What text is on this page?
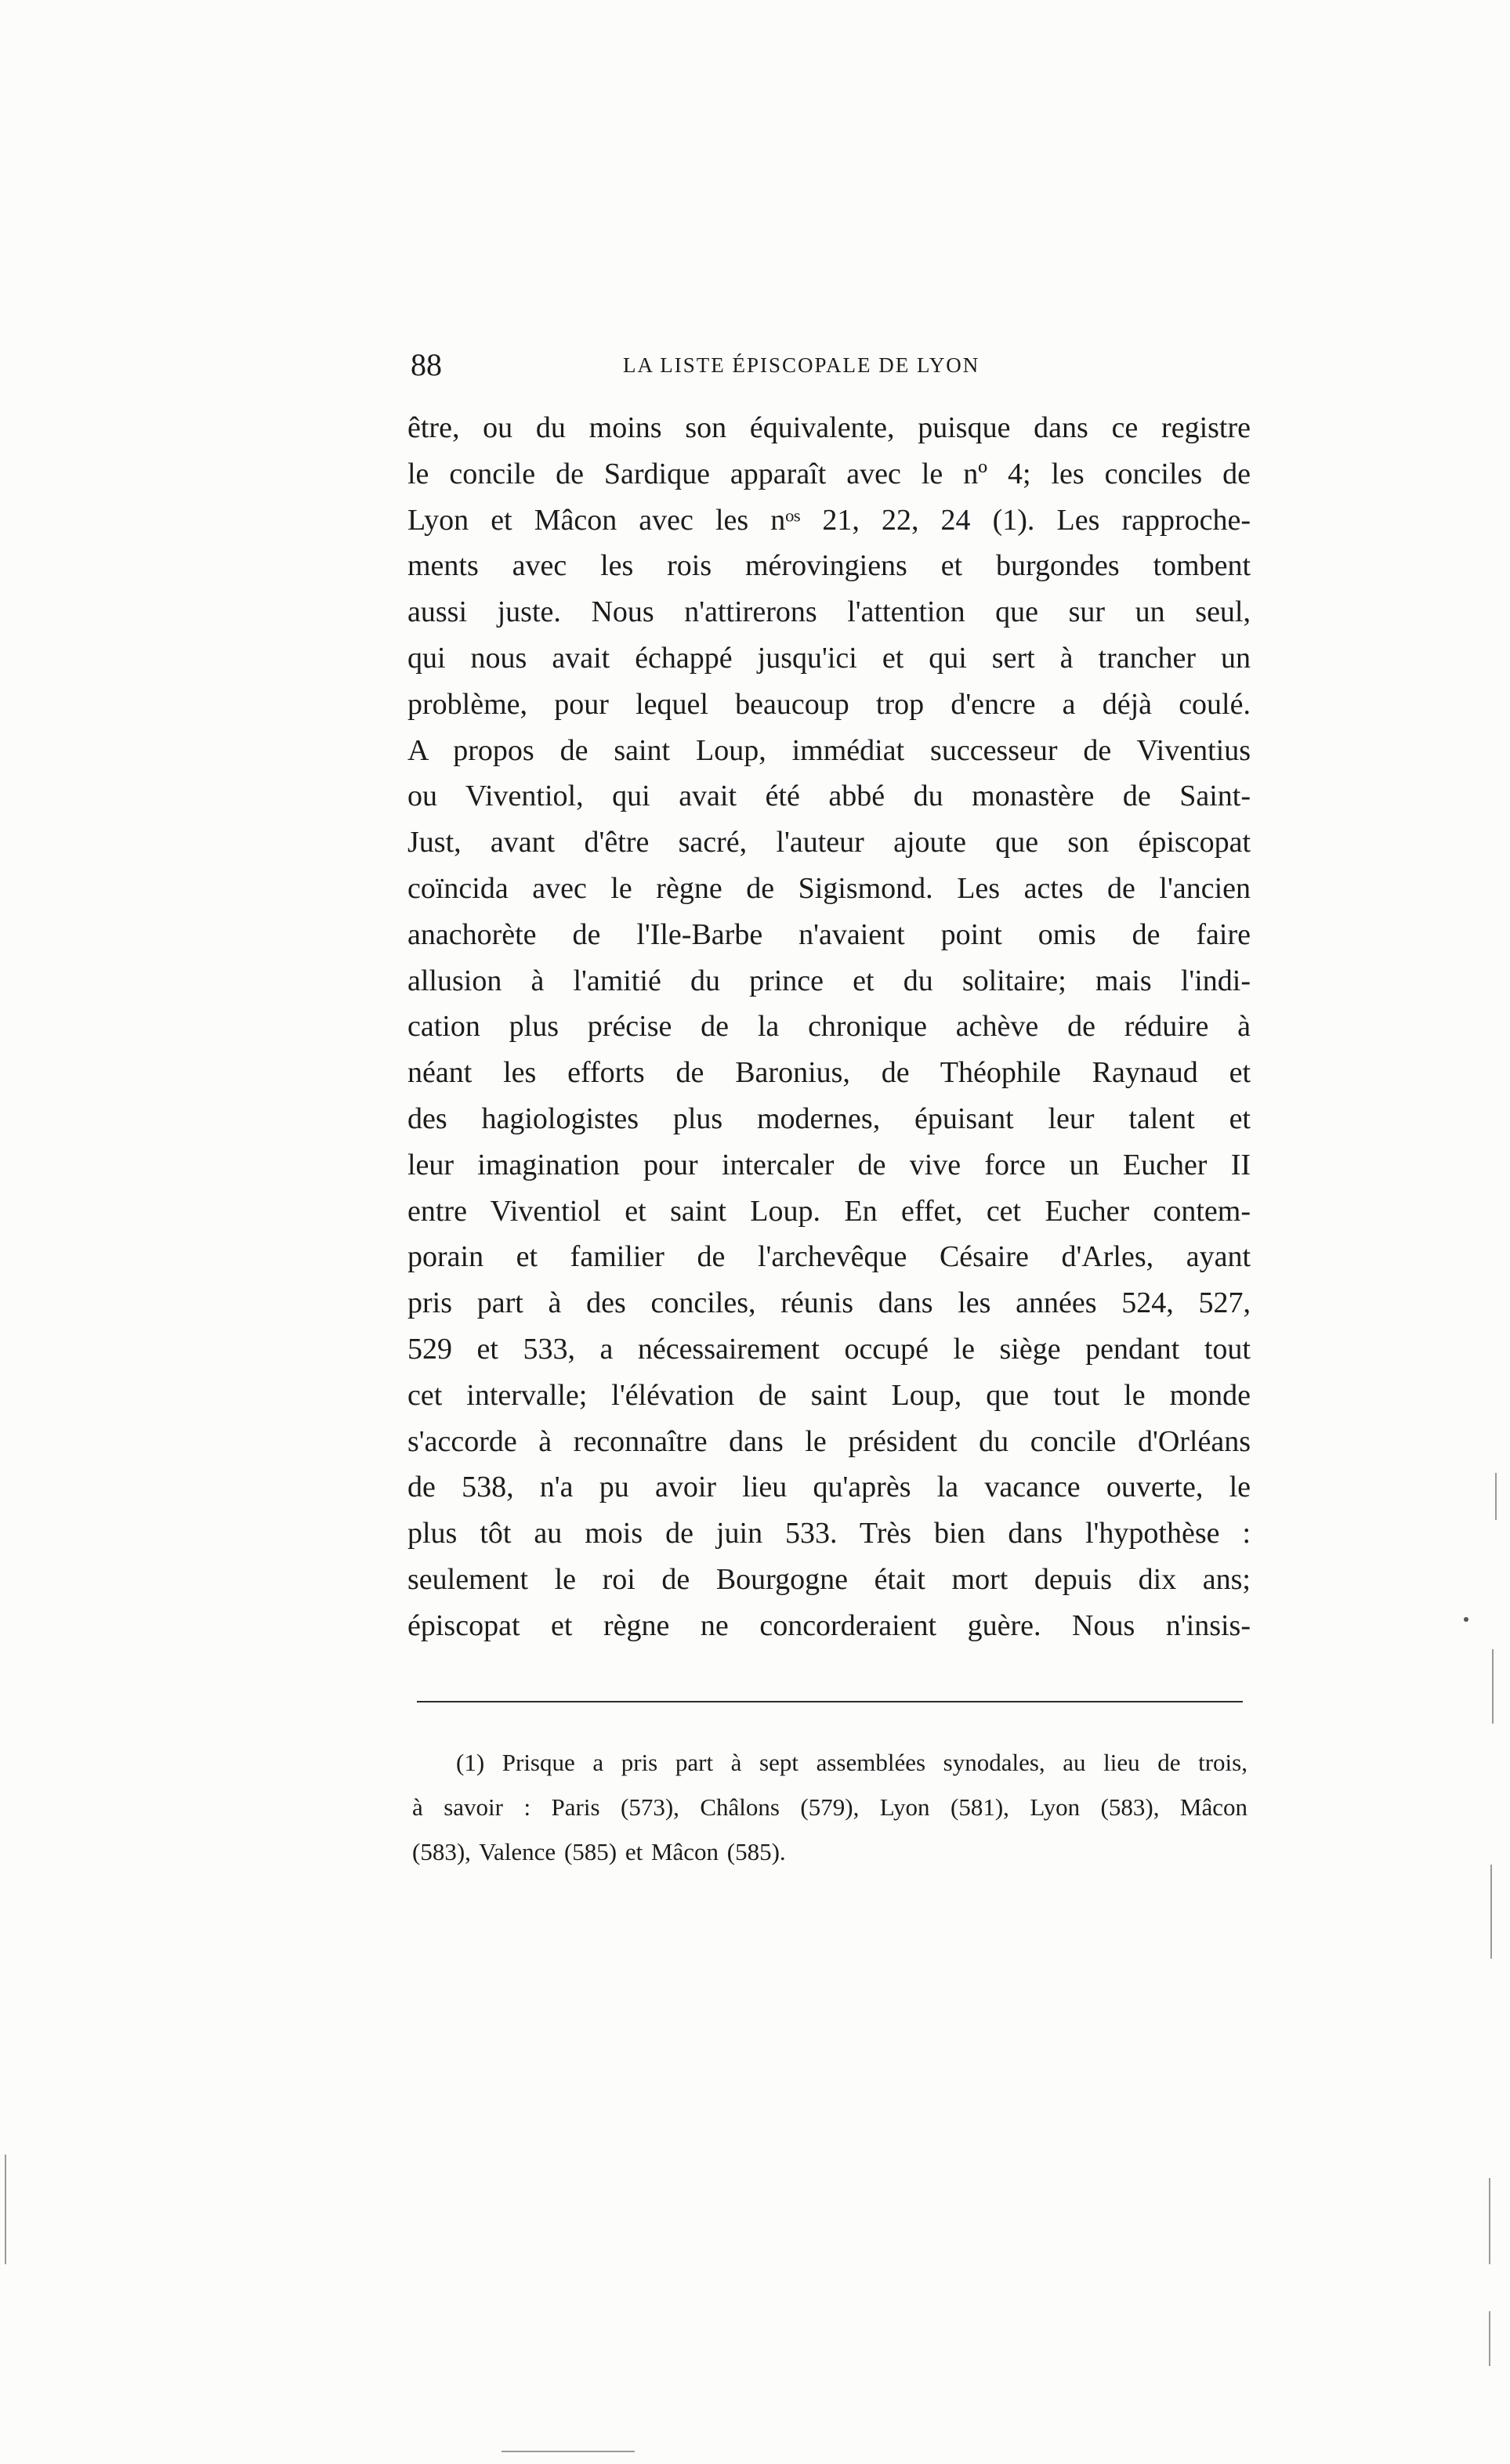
88	LA LISTE ÉPISCOPALE DE LYON
être, ou du moins son équivalente, puisque dans ce registre
le concile de Sardique apparaît avec le nº 4; les conciles de
Lyon et Mâcon avec les nᵒˢ 21, 22, 24 (1). Les rapproche-
ments avec les rois mérovingiens et burgondes tombent
aussi juste. Nous n'attirerons l'attention que sur un seul,
qui nous avait échappé jusqu'ici et qui sert à trancher un
problème, pour lequel beaucoup trop d'encre a déjà coulé.
A propos de saint Loup, immédiat successeur de Viventius
ou Viventiol, qui avait été abbé du monastère de Saint-
Just, avant d'être sacré, l'auteur ajoute que son épiscopat
coïncida avec le règne de Sigismond. Les actes de l'ancien
anachorète de l'Ile-Barbe n'avaient point omis de faire
allusion à l'amitié du prince et du solitaire; mais l'indi-
cation plus précise de la chronique achève de réduire à
néant les efforts de Baronius, de Théophile Raynaud et
des hagiologistes plus modernes, épuisant leur talent et
leur imagination pour intercaler de vive force un Eucher II
entre Viventiol et saint Loup. En effet, cet Eucher contem-
porain et familier de l'archevêque Césaire d'Arles, ayant
pris part à des conciles, réunis dans les années 524, 527,
529 et 533, a nécessairement occupé le siège pendant tout
cet intervalle; l'élévation de saint Loup, que tout le monde
s'accorde à reconnaître dans le président du concile d'Orléans
de 538, n'a pu avoir lieu qu'après la vacance ouverte, le
plus tôt au mois de juin 533. Très bien dans l'hypothèse :
seulement le roi de Bourgogne était mort depuis dix ans;
épiscopat et règne ne concorderaient guère. Nous n'insis-
(1) Prisque a pris part à sept assemblées synodales, au lieu de trois,
à savoir : Paris (573), Châlons (579), Lyon (581), Lyon (583), Mâcon
(583), Valence (585) et Mâcon (585).
